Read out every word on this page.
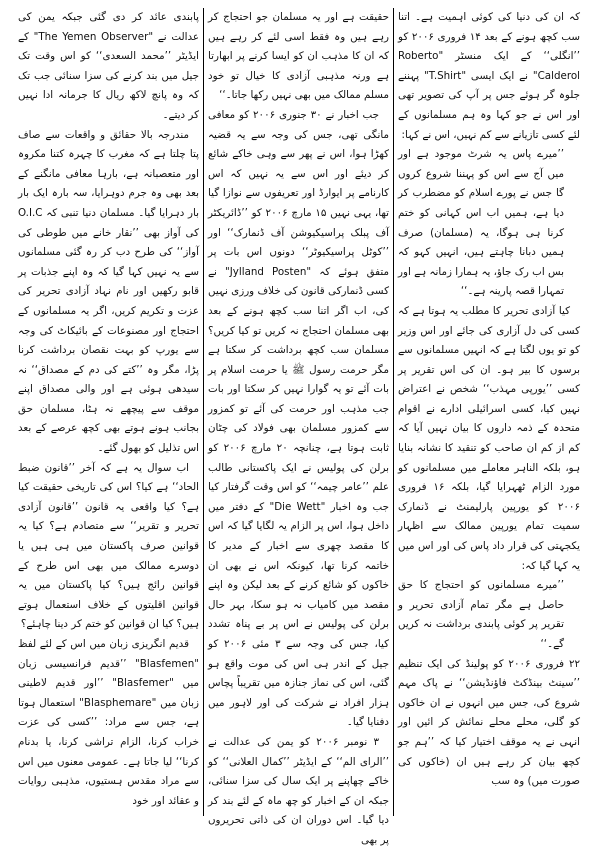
کہ ان کی دنیا کی کوئی اہمیت ہے۔ اتنا سب کچھ ہونے کے بعد ۱۴ فروری ۲۰۰۶ کو ’’انگلی‘‘ کے ایک منسٹر "Roberto Calderol" نے ایک ایسی "T.Shirt" پہننے جلوہ گر ہوئے جس پر آپ کی تصویر تھی اور اس نے جو کہا وہ ہم مسلمانوں کے لئے کسی تازیانے سے کم نہیں، اس نے کہا:

’’میرے پاس یہ شرٹ موجود ہے اور میں آج سے اس کو پہننا شروع کروں گا جس نے پورے اسلام کو مضطرب کر دیا ہے، ہمیں اب اس کہانی کو ختم کرنا ہی ہوگا، یہ (مسلمان) صرف ہمیں دبانا چاہتے ہیں، انہیں کہو کہ بس اب رک جاؤ، یہ ہمارا زمانہ ہے اور تمہارا قصہ پارینہ ہے۔‘‘

کیا آزادی تحریر کا مطلب یہ ہوتا ہے کہ کسی کی دل آزاری کی جائے اور اس وزیر کو تو یوں لگتا ہے کہ انہیں مسلمانوں سے برسوں کا بیر ہو۔ ان کی اس تقریر پر کسی ’’یورپی مہذب‘‘ شخص نے اعتراض نہیں کیا، کسی اسرائیلی ادارے نے اقوام متحدہ کے ذمہ داروں کا بیان نہیں آیا کہ کم از کم ان صاحب کو تنقید کا نشانہ بنایا ہو، بلکہ الناہر معاملے میں مسلمانوں کو مورد الزام ٹھہرایا گیا، بلکہ ۱۶ فروری ۲۰۰۶ کو یورپین پارلیمنٹ نے ڈنمارک سمیت تمام یورپین ممالک سے اظہار یکجہتی کی قرار داد پاس کی اور اس میں یہ کہا گیا کہ:

’’میرے مسلمانوں کو احتجاج کا حق حاصل ہے مگر تمام آزادی تحریر و تقریر پر کوئی پابندی برداشت نہ کریں گے۔‘‘

۲۲ فروری ۲۰۰۶ کو پولینڈ کی ایک تنظیم ’’سینٹ بینڈکٹ فاؤنڈیشن‘‘ نے پاک مہم شروع کی، جس میں انہوں نے ان خاکوں کو گلی، محلے محلے نمائش کر ائیں اور انہی نے یہ موقف اختیار کیا کہ ’’ہم جو کچھ بیان کر رہے ہیں ان (خاکوں کی صورت میں) وہ سب

حقیقت ہے اور یہ مسلمان جو احتجاج کر رہے ہیں وہ فقط اسی لئے کر رہے ہیں کہ ان کا مذہب ان کو ایسا کرنے پر ابھارتا ہے ورنہ مذہبی آزادی کا خیال تو خود مسلم ممالک میں بھی نہیں رکھا جاتا۔‘‘

جب اخبار نے ۳۰ جنوری ۲۰۰۶ کو معافی مانگی تھی، جس کی وجہ سے یہ قضیہ کھڑا ہوا، اس نے پھر سے وہی خاکے شائع کر دیئے اور اس سے یہ نہیں کہ اس کارنامے پر ایوارڈ اور تعریفوں سے نوازا گیا تھا، یہی نہیں ۱۵ مارچ ۲۰۰۶ کو ’’ڈائریکٹر آف پبلک پراسیکیوشن آف ڈنمارک‘‘ اور ’’کوٹل پراسیکیوٹر‘‘ دونوں اس بات پر متفق ہوئے کہ "Jylland Posten" نے کسی ڈنمارکی قانون کی خلاف ورزی نہیں کی، اب اگر اتنا سب کچھ ہونے کے بعد بھی مسلمان احتجاج نہ کریں تو کیا کریں؟ مسلمان سب کچھ برداشت کر سکتا ہے مگر حرمت رسول ﷺ یا حرمت اسلام پر بات آئے تو یہ گوارا نہیں کر سکتا اور بات جب مذہب اور حرمت کی آئے تو کمزور سے کمزور مسلمان بھی فولاد کی چٹان ثابت ہوتا ہے، چنانچہ ۲۰ مارچ ۲۰۰۶ کو برلن کی پولیس نے ایک پاکستانی طالب علم ’’عامر چیمہ‘‘ کو اس وقت گرفتار کیا جب وہ اخبار "Die Wett" کے دفتر میں داخل ہوا، اس پر الزام یہ لگایا گیا کہ اس کا مقصد چھری سے اخبار کے مدیر کا خاتمہ کرنا تھا، کیونکہ اس نے بھی ان خاکوں کو شائع کرنے کے بعد لیکن وہ اپنے مقصد میں کامیاب نہ ہو سکا، بہر حال برلن کی پولیس نے اس پر بے پناہ تشدد کیا، جس کی وجہ سے ۳ مئی ۲۰۰۶ کو جیل کے اندر ہی اس کی موت واقع ہو گئی، اس کی نماز جنازہ میں تقریباً پچاس ہزار افراد نے شرکت کی اور لاہور میں دفنایا گیا۔

۳ نومبر ۲۰۰۶ کو یمن کی عدالت نے ’’الرای الم‘‘ کے ایڈیٹر ’’کمال العلانی‘‘ کو خاکے چھاپنے پر ایک سال کی سزا سنائی، جبکہ ان کے اخبار کو چھ ماہ کے لئے بند کر دیا گیا۔ اس دوران ان کی ذاتی تحریروں پر بھی

پابندی عائد کر دی گئی جبکہ یمن کی عدالت نے "The Yemen Observer" کے ایڈیٹر ’’محمد السعدی‘‘ کو اس وقت تک جیل میں بند کرنے کی سزا سنائی جب تک کہ وہ پانچ لاکھ ریال کا جرمانہ ادا نہیں کر دیتے۔

مندرجہ بالا حقائق و واقعات سے صاف پتا چلتا ہے کہ مغرب کا چہرہ کتنا مکروہ اور متعصبانہ ہے، بارہا معافی مانگنے کے بعد بھی وہ جرم دوہرایا، سہ بارہ ایک بار بار دہرایا گیا۔ مسلمان دنیا تنبی کہ O.I.C کی آواز بھی ’’نقار خانے میں طوطی کی آواز‘‘ کی طرح دب کر رہ گئی مسلمانوں سے یہ نہیں کہا گیا کہ وہ اپنے جذبات پر قابو رکھیں اور نام نہاد آزادی تحریر کی عزت و تکریم کریں، اگر یہ مسلمانوں کے احتجاج اور مصنوعات کے بائیکاٹ کی وجہ سے یورپ کو بہت نقصان برداشت کرنا پڑا، مگر وہ ’’کتے کی دم کے مصداق‘‘ نہ سیدھی ہوئی ہے اور والی مصداق اپنے موقف سے پیچھے نہ ہٹا، مسلمان حق بجانب ہونے ہوتے بھی کچھ عرصے کے بعد اس تذلیل کو بھول گئے۔

اب سوال یہ ہے کہ آخر ’’قانون ضبط الحاد‘‘ ہے کیا؟ اس کی تاریخی حقیقت کیا ہے؟ کیا واقعی یہ قانون ’’قانون آزادی تحریر و تقریر‘‘ سے متصادم ہے؟ کیا یہ قوانین صرف پاکستان میں ہی ہیں یا دوسرے ممالک میں بھی اس طرح کے قوانین رائج ہیں؟ کیا پاکستان میں یہ قوانین اقلیتوں کے خلاف استعمال ہوتے ہیں؟ کیا ان قوانین کو ختم کر دینا چاہئے؟

قدیم انگریزی زبان میں اس کے لئے لفظ "Blasfemen" ’’قدیم فرانسیسی زبان میں "Blasfemer" ’’اور قدیم لاطینی زبان میں "Blasphemare" استعمال ہوتا ہے، جس سے مراد: ’’کسی کی عزت خراب کرنا، الزام تراشی کرنا، یا بدنام کرنا‘‘ لیا جاتا ہے۔ عمومی معنوں میں اس سے مراد مقدس ہستیوں، مذہبی روایات و عقائد اور خود
